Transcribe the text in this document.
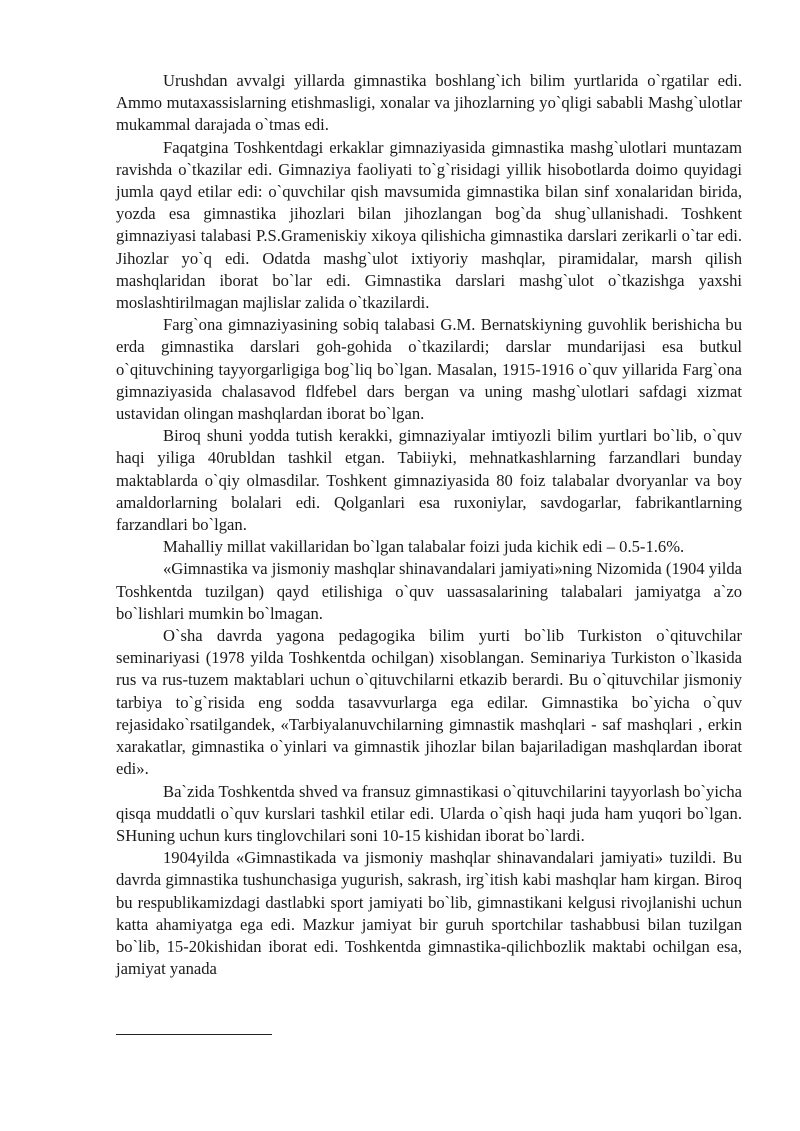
Urushdan avvalgi yillarda gimnastika boshlang`ich bilim yurtlarida o`rgatilar edi. Ammo mutaxassislarning etishmasligi, xonalar va jihozlarning yo`qligi sababli Mashg`ulotlar mukammal darajada o`tmas edi.

Faqatgina Toshkentdagi erkaklar gimnaziyasida gimnastika mashg`ulotlari muntazam ravishda o`tkazilar edi. Gimnaziya faoliyati to`g`risidagi yillik hisobotlarda doimo quyidagi jumla qayd etilar edi: o`quvchilar qish mavsumida gimnastika bilan sinf xonalaridan birida, yozda esa gimnastika jihozlari bilan jihozlangan bog`da shug`ullanishadi. Toshkent gimnaziyasi talabasi P.S.Grameniskiy xikoya qilishicha gimnastika darslari zerikarli o`tar edi. Jihozlar yo`q edi. Odatda mashg`ulot ixtiyoriy mashqlar, piramidalar, marsh qilish mashqlaridan iborat bo`lar edi. Gimnastika darslari mashg`ulot o`tkazishga yaxshi moslashtirilmagan majlislar zalida o`tkazilardi.

Farg`ona gimnaziyasining sobiq talabasi G.M. Bernatskiyning guvohlik berishicha bu erda gimnastika darslari goh-gohida o`tkazilardi; darslar mundarijasi esa butkul o`qituvchining tayyorgarligiga bog`liq bo`lgan. Masalan, 1915-1916 o`quv yillarida Farg`ona gimnaziyasida chalasavod fldfebel dars bergan va uning mashg`ulotlari safdagi xizmat ustavidan olingan mashqlardan iborat bo`lgan.

Biroq shuni yodda tutish kerakki, gimnaziyalar imtiyozli bilim yurtlari bo`lib, o`quv haqi yiliga 40rubldan tashkil etgan. Tabiiyki, mehnatkashlarning farzandlari bunday maktablarda o`qiy olmasdilar. Toshkent gimnaziyasida 80 foiz talabalar dvoryanlar va boy amaldorlarning bolalari edi. Qolganlari esa ruxoniylar, savdogarlar, fabrikantlarning farzandlari bo`lgan.

Mahalliy millat vakillaridan bo`lgan talabalar foizi juda kichik edi – 0.5-1.6%.

«Gimnastika va jismoniy mashqlar shinavandalari jamiyati»ning Nizomida (1904 yilda Toshkentda tuzilgan) qayd etilishiga o`quv uassasalarining talabalari jamiyatga a`zo bo`lishlari mumkin bo`lmagan.

O`sha davrda yagona pedagogika bilim yurti bo`lib Turkiston o`qituvchilar seminariyasi (1978 yilda Toshkentda ochilgan) xisoblangan. Seminariya Turkiston o`lkasida rus va rus-tuzem maktablari uchun o`qituvchilarni etkazib berardi. Bu o`qituvchilar jismoniy tarbiya to`g`risida eng sodda tasavvurlarga ega edilar. Gimnastika bo`yicha o`quv rejasidako`rsatilgandek, «Tarbiyalanuvchilarning gimnastik mashqlari - saf mashqlari , erkin xarakatlar, gimnastika o`yinlari va gimnastik jihozlar bilan bajariladigan mashqlardan iborat edi».

Ba`zida Toshkentda shved va fransuz gimnastikasi o`qituvchilarini tayyorlash bo`yicha qisqa muddatli o`quv kurslari tashkil etilar edi. Ularda o`qish haqi juda ham yuqori bo`lgan. SHuning uchun kurs tinglovchilari soni 10-15 kishidan iborat bo`lardi.

1904yilda «Gimnastikada va jismoniy mashqlar shinavandalari jamiyati» tuzildi. Bu davrda gimnastika tushunchasiga yugurish, sakrash, irg`itish kabi mashqlar ham kirgan. Biroq bu respublikamizdagi dastlabki sport jamiyati bo`lib, gimnastikani kelgusi rivojlanishi uchun katta ahamiyatga ega edi. Mazkur jamiyat bir guruh sportchilar tashabbusi bilan tuzilgan bo`lib, 15-20kishidan iborat edi. Toshkentda gimnastika-qilichbozlik maktabi ochilgan esa, jamiyat yanada
